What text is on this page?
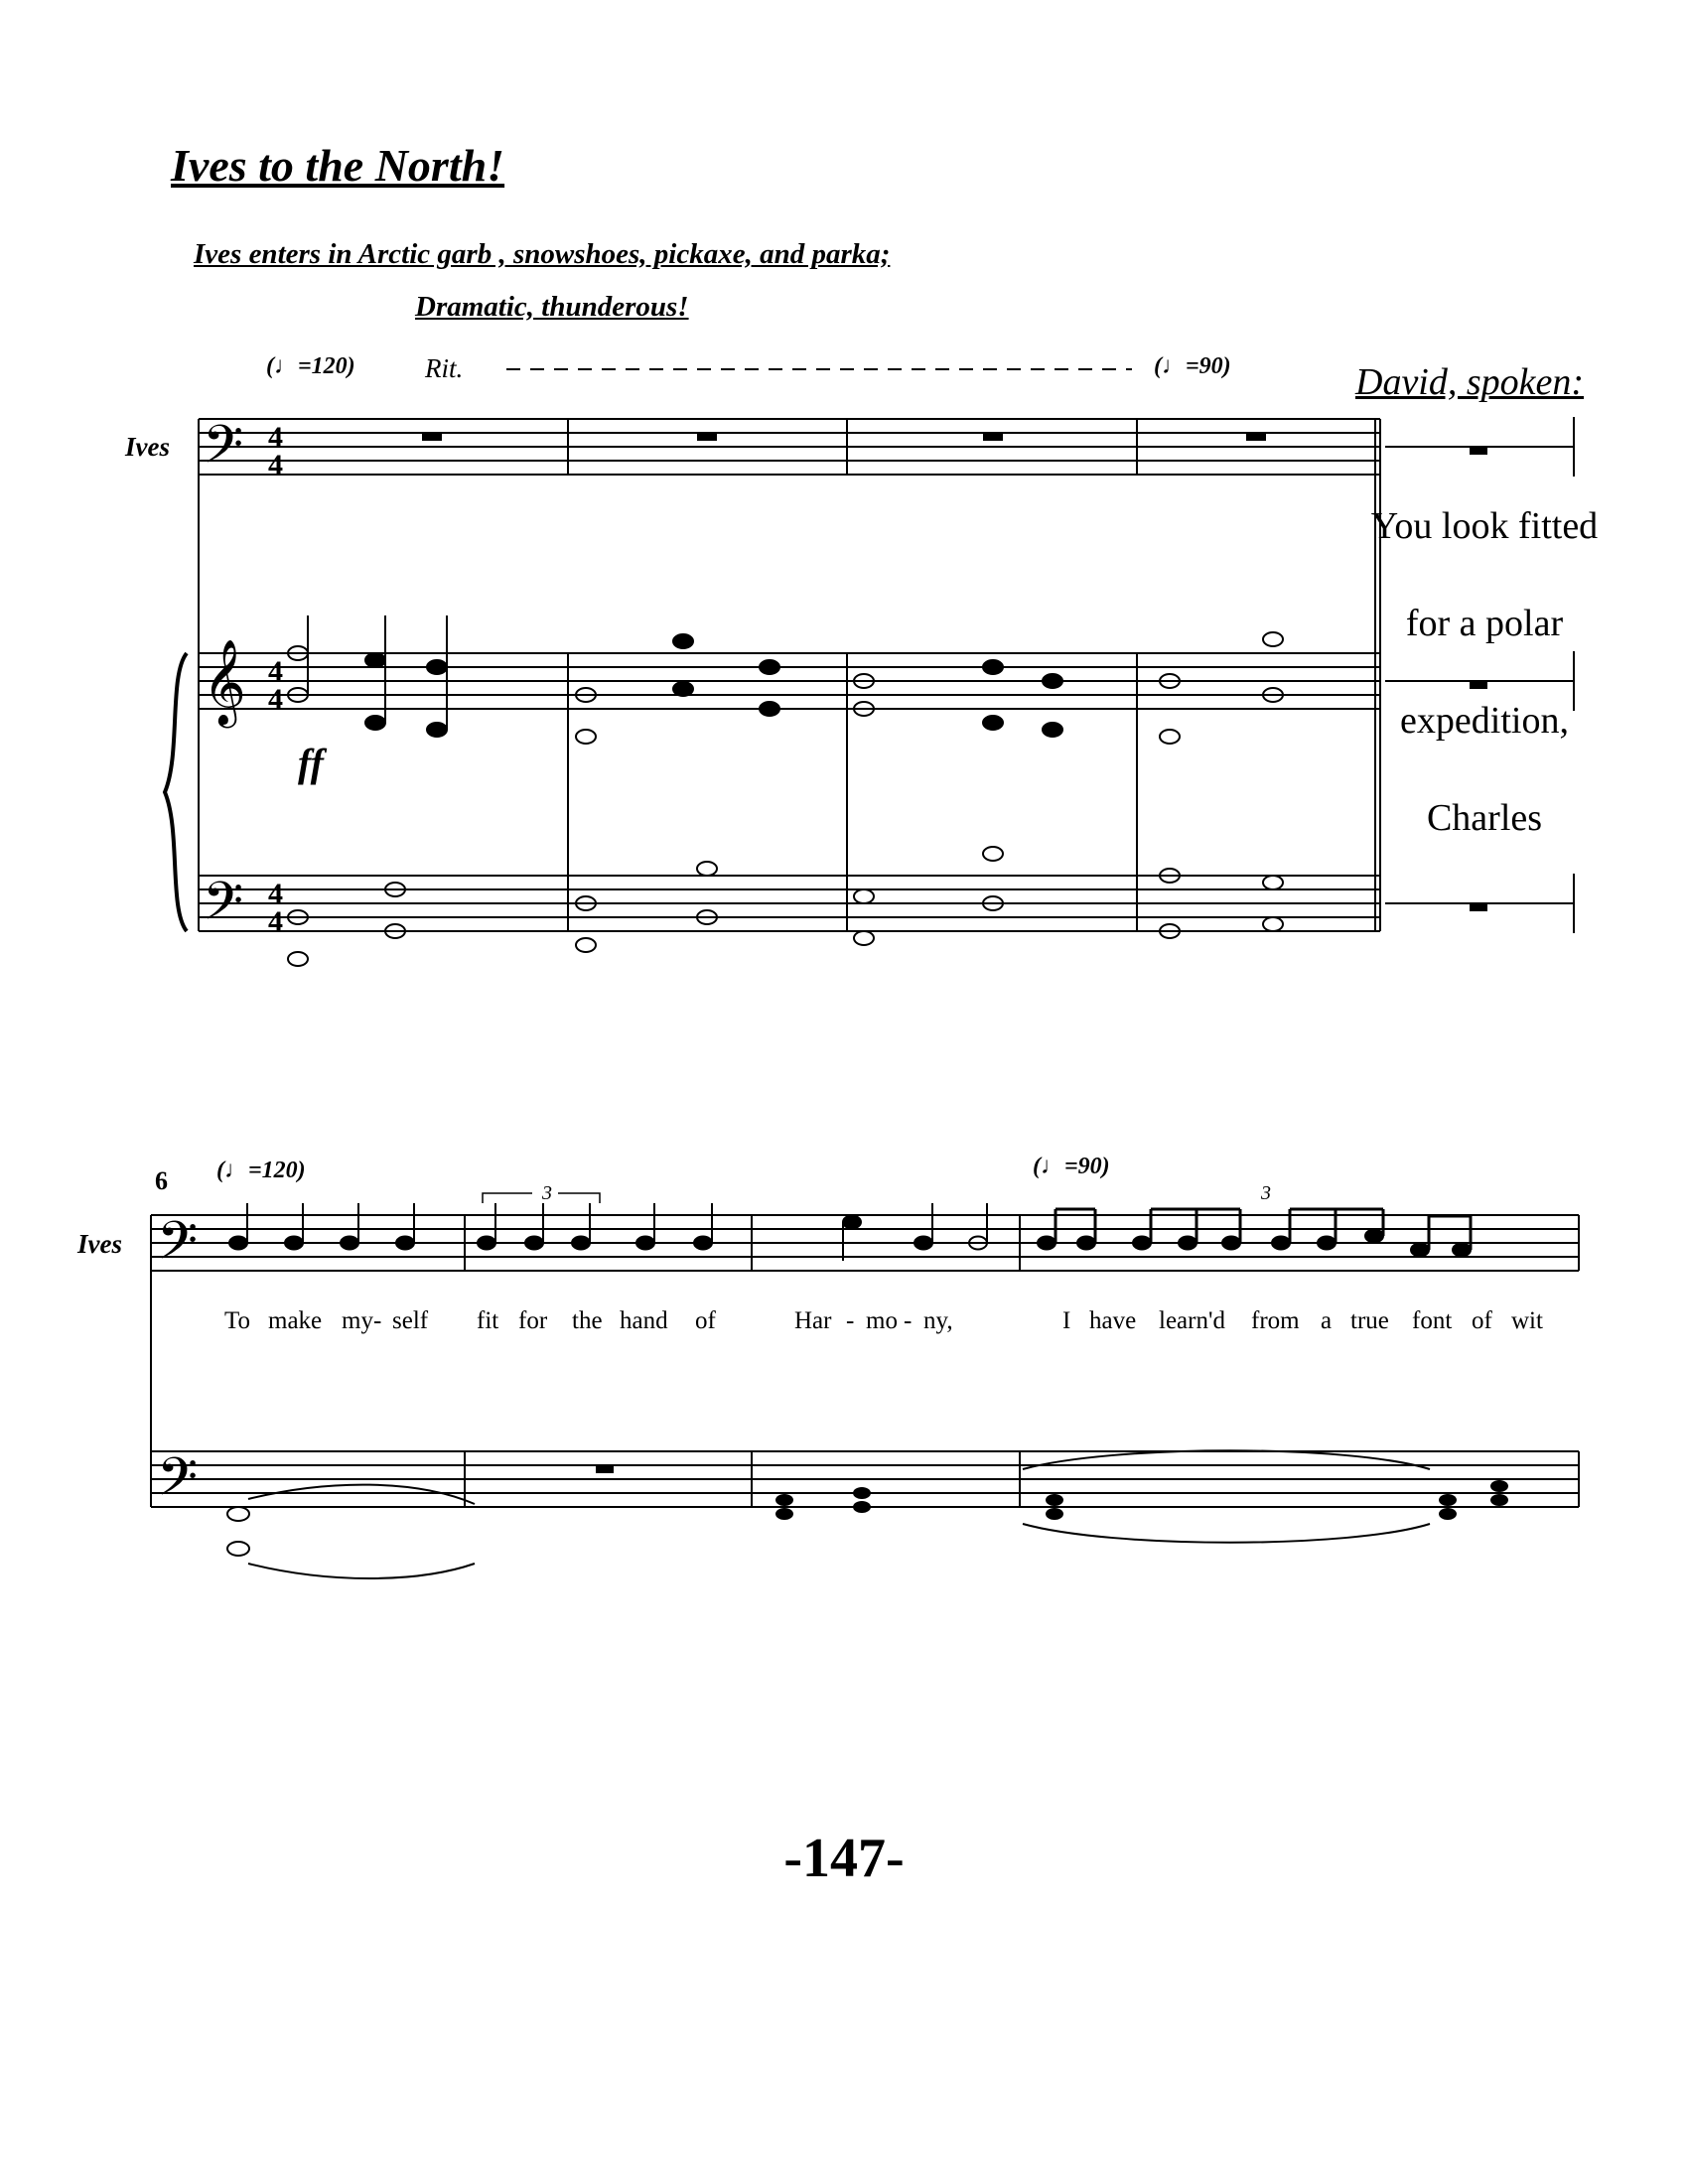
Ives to the North!
Ives enters in Arctic garb , snowshoes, pickaxe, and parka;
Dramatic, thunderous!
David, spoken:
You look fitted
for a polar
expedition,
Charles
𝄢
𝄞
𝄢
4
4
4
4
4
4
Ives
(♩=120)	Rit.	(♩=90)
ff
𝄢
𝄢
Ives
6 (♩=120)	(♩=90)
3	3
To make my- self fit for the hand of	Har - mo - ny,	I have learn'd from a true font of wit
-147-
